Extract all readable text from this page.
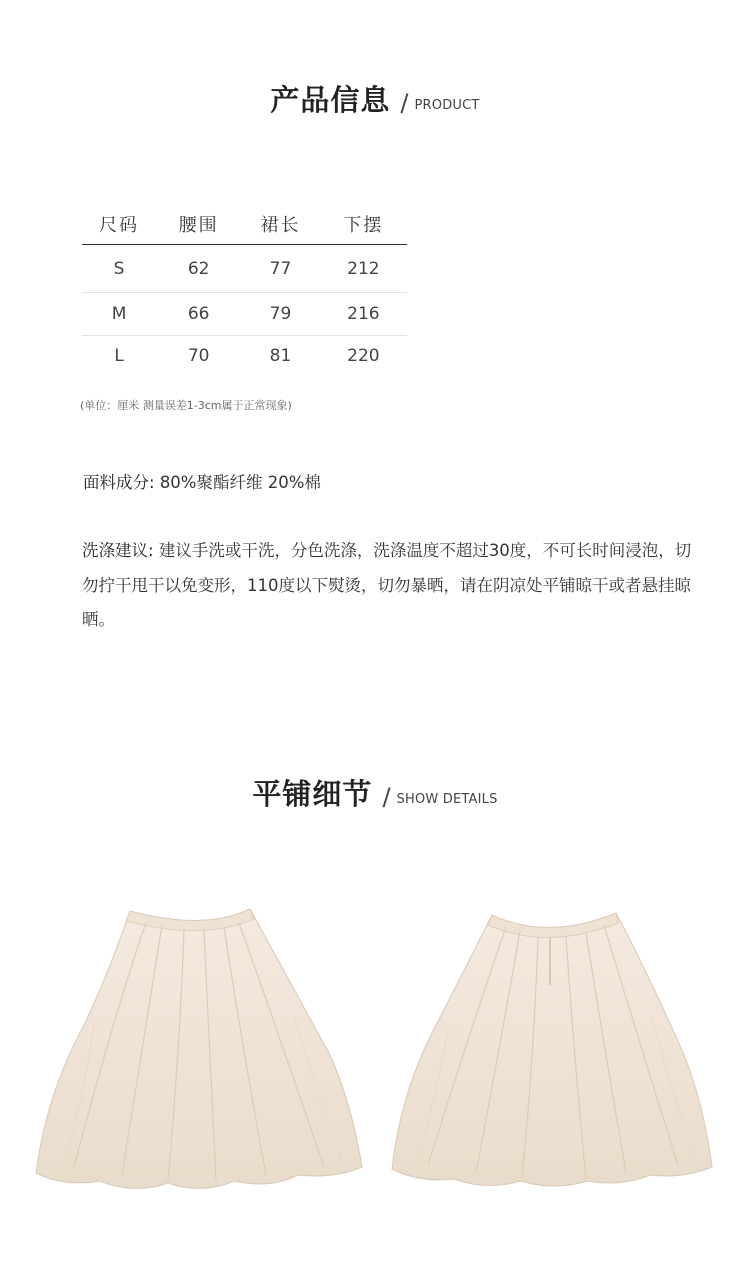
产品信息 / PRODUCT
尺码	腰围	裙长	下摆
S	62	77	212
M	66	79	216
L	70	81	220
(单位：厘米 测量误差1-3cm属于正常现象)
面料成分: 80%聚酯纤维 20%棉
洗涤建议: 建议手洗或干洗，分色洗涤，洗涤温度不超过30度，不可长时间浸泡，切勿拧干甩干以免变形，110度以下熨烫，切勿暴晒，请在阴凉处平铺晾干或者悬挂晾晒。
平铺细节 / SHOW DETAILS
